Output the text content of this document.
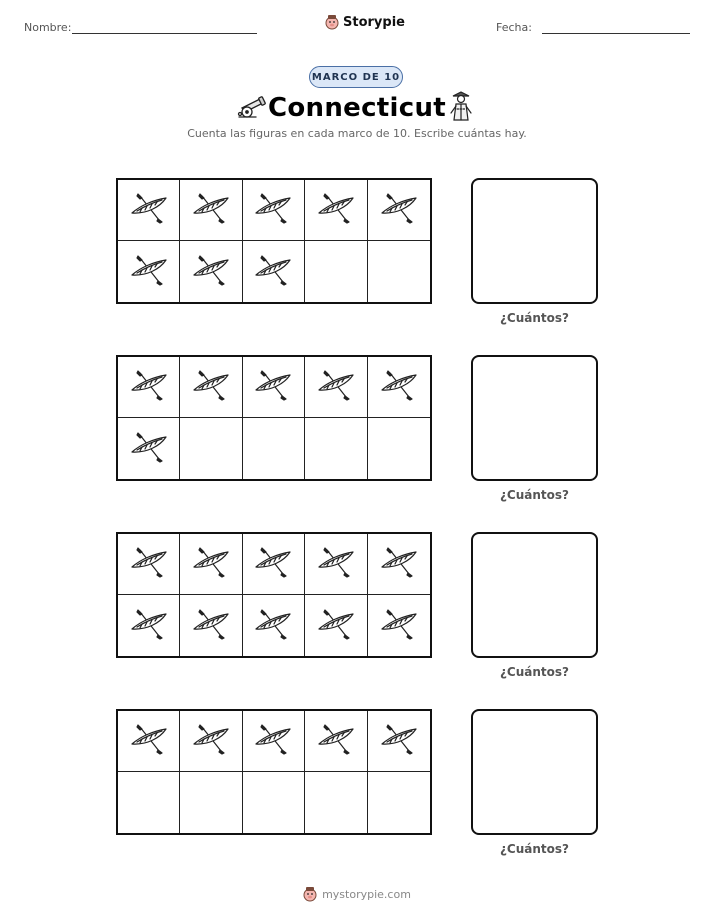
Nombre:	Storypie	Fecha:
MARCO DE 10
Connecticut
Cuenta las figuras en cada marco de 10. Escribe cuántas hay.
¿Cuántos?
¿Cuántos?
¿Cuántos?
¿Cuántos?
mystorypie.com
